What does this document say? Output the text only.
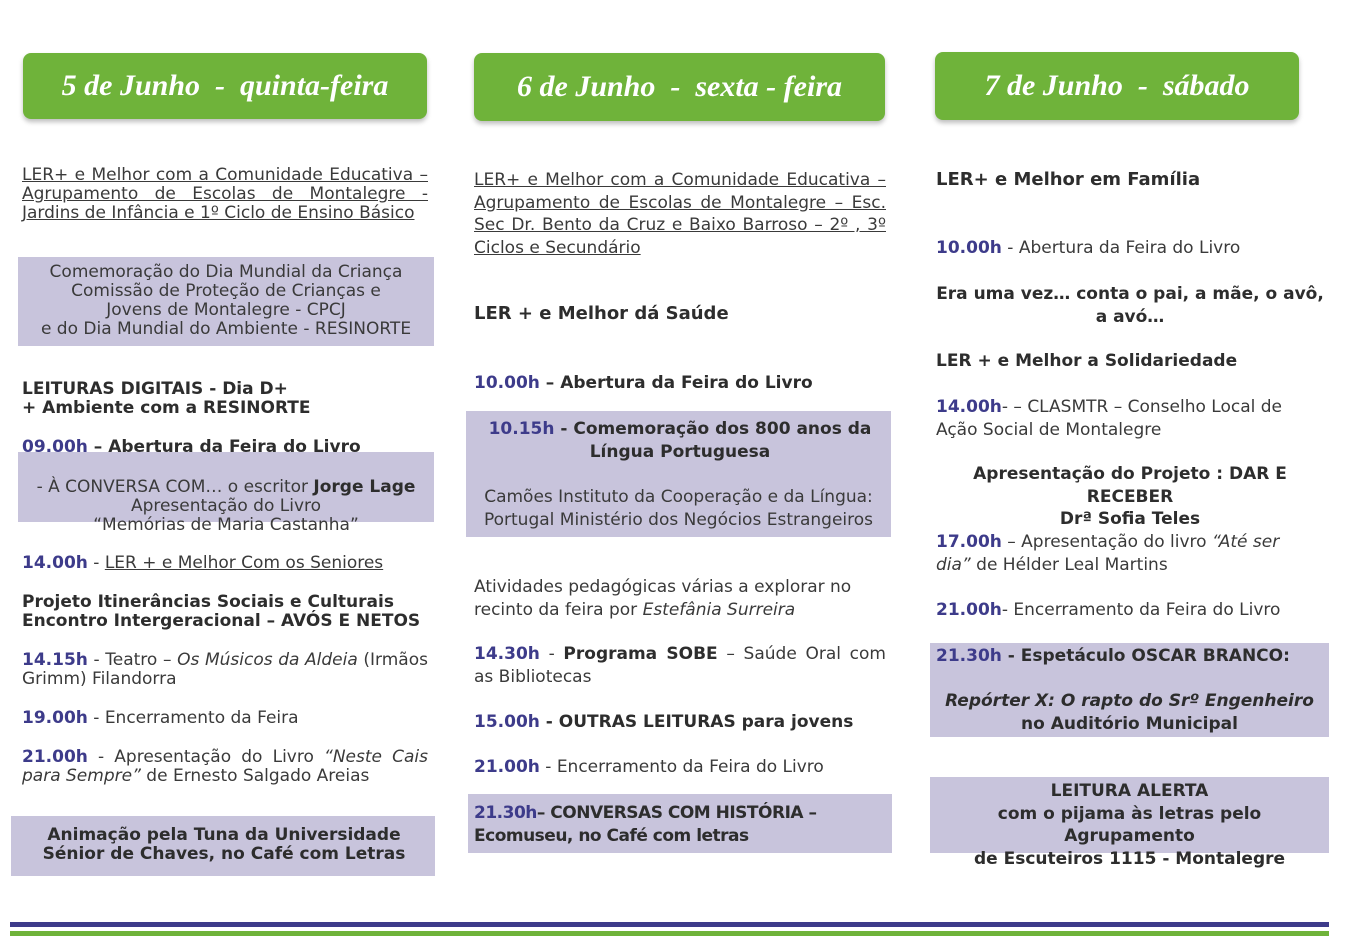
5 de Junho  -  quinta-feira	6 de Junho  -  sexta - feira	7 de Junho  -  sábado

LER+ e Melhor com a Comunidade Educativa – Agrupamento de Escolas de Montalegre - Jardins de Infância e 1º Ciclo de Ensino Básico

Comemoração do Dia Mundial da Criança
Comissão de Proteção de Crianças e
Jovens de Montalegre - CPCJ
e do Dia Mundial do Ambiente - RESINORTE
LEITURAS DIGITAIS - Dia D+
+ Ambiente com a RESINORTE
09.00h – Abertura da Feira do Livro
- À CONVERSA COM… o escritor Jorge Lage
Apresentação do Livro
“Memórias de Maria Castanha”
14.00h - LER + e Melhor Com os Seniores
Projeto Itinerâncias Sociais e Culturais
Encontro Intergeracional – AVÓS E NETOS

14.15h - Teatro – Os Músicos da Aldeia (Irmãos Grimm) Filandorra

19.00h - Encerramento da Feira

21.00h - Apresentação do Livro “Neste Cais para Sempre” de Ernesto Salgado Areias

Animação pela Tuna da Universidade Sénior de Chaves, no Café com Letras

LER+ e Melhor com a Comunidade Educativa – Agrupamento de Escolas de Montalegre – Esc. Sec Dr. Bento da Cruz e Baixo Barroso – 2º , 3º Ciclos e Secundário

LER + e Melhor dá Saúde
10.00h – Abertura da Feira do Livro
10.15h - Comemoração dos 800 anos da Língua Portuguesa
Camões Instituto da Cooperação e da Língua:
Portugal Ministério dos Negócios Estrangeiros

Atividades pedagógicas várias a explorar no recinto da feira por Estefânia Surreira

14.30h - Programa SOBE – Saúde Oral com as Bibliotecas

15.00h - OUTRAS LEITURAS para jovens
21.00h - Encerramento da Feira do Livro

21.30h– CONVERSAS COM HISTÓRIA – Ecomuseu, no Café com letras

LER+ e Melhor em Família
10.00h - Abertura da Feira do Livro
Era uma vez… conta o pai, a mãe, o avô,
a avó…
LER + e Melhor a Solidariedade

14.00h- – CLASMTR – Conselho Local de Ação Social de Montalegre

Apresentação do Projeto : DAR E RECEBER
Drª Sofia Teles

17.00h – Apresentação do livro “Até ser dia” de Hélder Leal Martins

21.00h- Encerramento da Feira do Livro
21.30h - Espetáculo OSCAR BRANCO:
Repórter X: O rapto do Srº Engenheiro
no Auditório Municipal
LEITURA ALERTA
com o pijama às letras pelo Agrupamento
de Escuteiros 1115 - Montalegre
